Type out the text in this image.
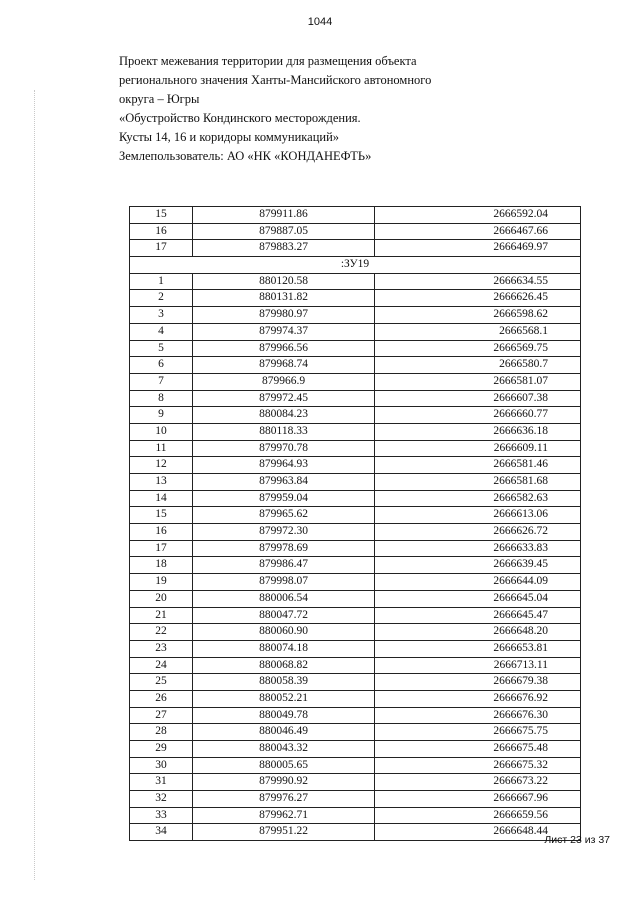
1044
Проект межевания территории для размещения объекта
регионального значения Ханты-Мансийского автономного
округа – Югры
«Обустройство Кондинского месторождения.
Кусты 14, 16 и коридоры коммуникаций»
Землепользователь: АО «НК «КОНДАНЕФТЬ»
15	879911.86	2666592.04
16	879887.05	2666467.66
17	879883.27	2666469.97
:ЗУ19		
1	880120.58	2666634.55
2	880131.82	2666626.45
3	879980.97	2666598.62
4	879974.37	2666568.1
5	879966.56	2666569.75
6	879968.74	2666580.7
7	879966.9	2666581.07
8	879972.45	2666607.38
9	880084.23	2666660.77
10	880118.33	2666636.18
11	879970.78	2666609.11
12	879964.93	2666581.46
13	879963.84	2666581.68
14	879959.04	2666582.63
15	879965.62	2666613.06
16	879972.30	2666626.72
17	879978.69	2666633.83
18	879986.47	2666639.45
19	879998.07	2666644.09
20	880006.54	2666645.04
21	880047.72	2666645.47
22	880060.90	2666648.20
23	880074.18	2666653.81
24	880068.82	2666713.11
25	880058.39	2666679.38
26	880052.21	2666676.92
27	880049.78	2666676.30
28	880046.49	2666675.75
29	880043.32	2666675.48
30	880005.65	2666675.32
31	879990.92	2666673.22
32	879976.27	2666667.96
33	879962.71	2666659.56
34	879951.22	2666648.44
Лист 23 из 37
